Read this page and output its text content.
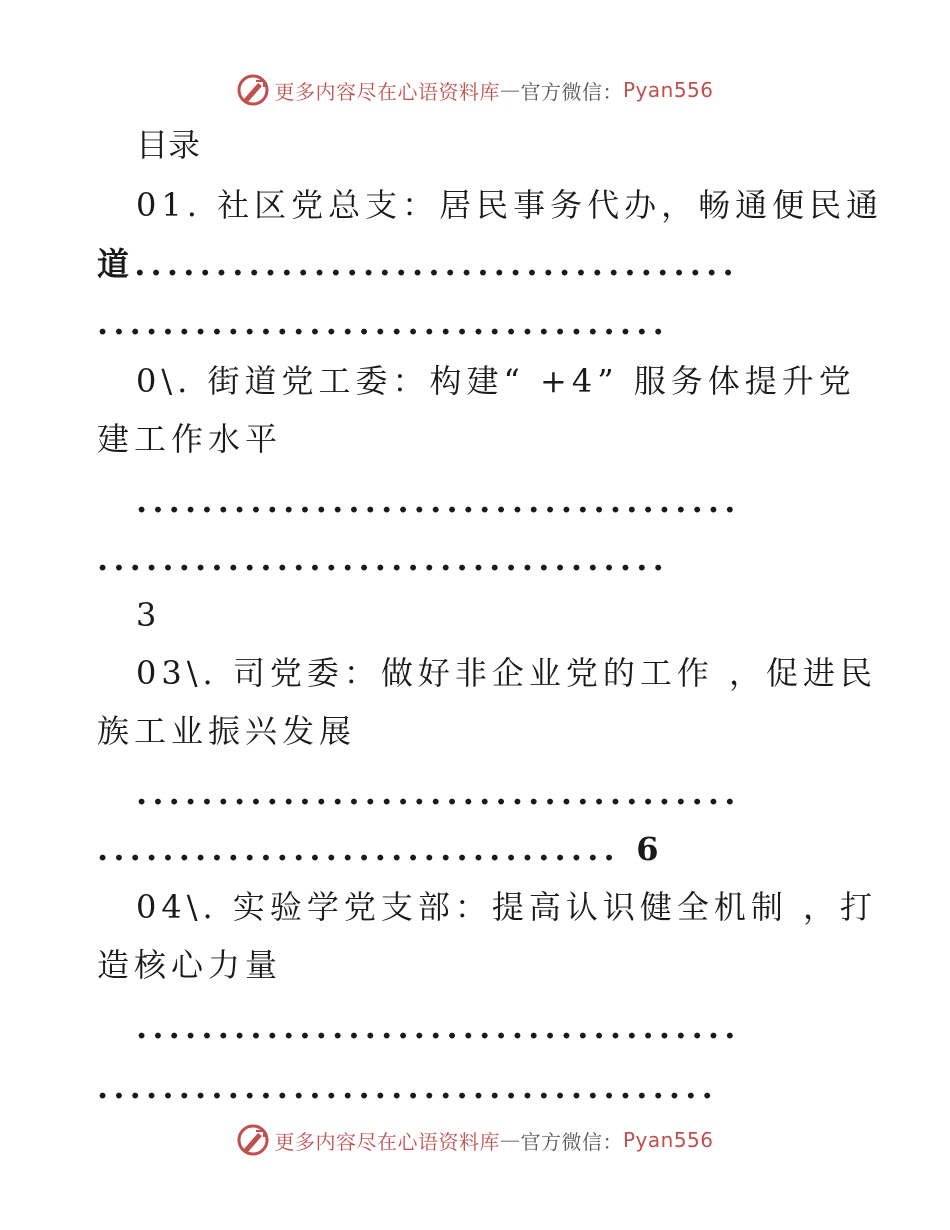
更多内容尽在心语资料库 — 官方微信： Pyan556
目录
01. 社区党总支：居民事务代办，畅通便民通
道.....................................
...................................
0\. 街道党工委：构建“ +4” 服务体提升党
建工作水平
.....................................
...................................
3
03\. 司党委：做好非企业党的工作 ，促进民
族工业振兴发展
.....................................
................................ 6
04\. 实验学党支部：提高认识健全机制 ，打
造核心力量
.....................................
......................................
更多内容尽在心语资料库 — 官方微信： Pyan556
